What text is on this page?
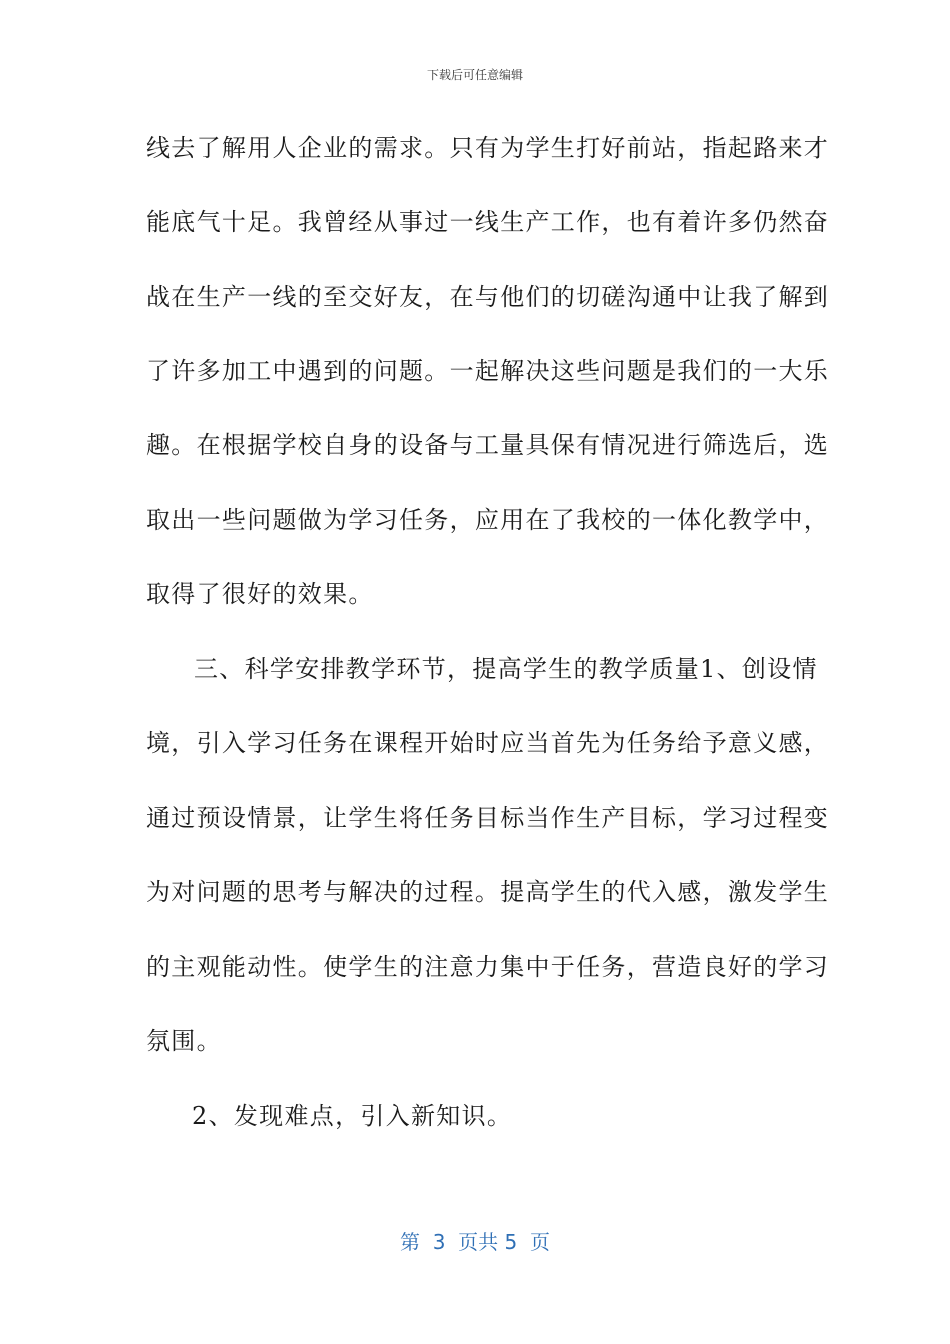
下载后可任意编辑
线去了解用人企业的需求。只有为学生打好前站，指起路来才
能底气十足。我曾经从事过一线生产工作，也有着许多仍然奋
战在生产一线的至交好友，在与他们的切磋沟通中让我了解到
了许多加工中遇到的问题。一起解决这些问题是我们的一大乐
趣。在根据学校自身的设备与工量具保有情况进行筛选后，选
取出一些问题做为学习任务，应用在了我校的一体化教学中，
取得了很好的效果。
三、科学安排教学环节，提高学生的教学质量1、创设情
境，引入学习任务在课程开始时应当首先为任务给予意义感，
通过预设情景，让学生将任务目标当作生产目标，学习过程变
为对问题的思考与解决的过程。提高学生的代入感，激发学生
的主观能动性。使学生的注意力集中于任务，营造良好的学习
氛围。
2、发现难点，引入新知识。
第  3  页共 5  页
